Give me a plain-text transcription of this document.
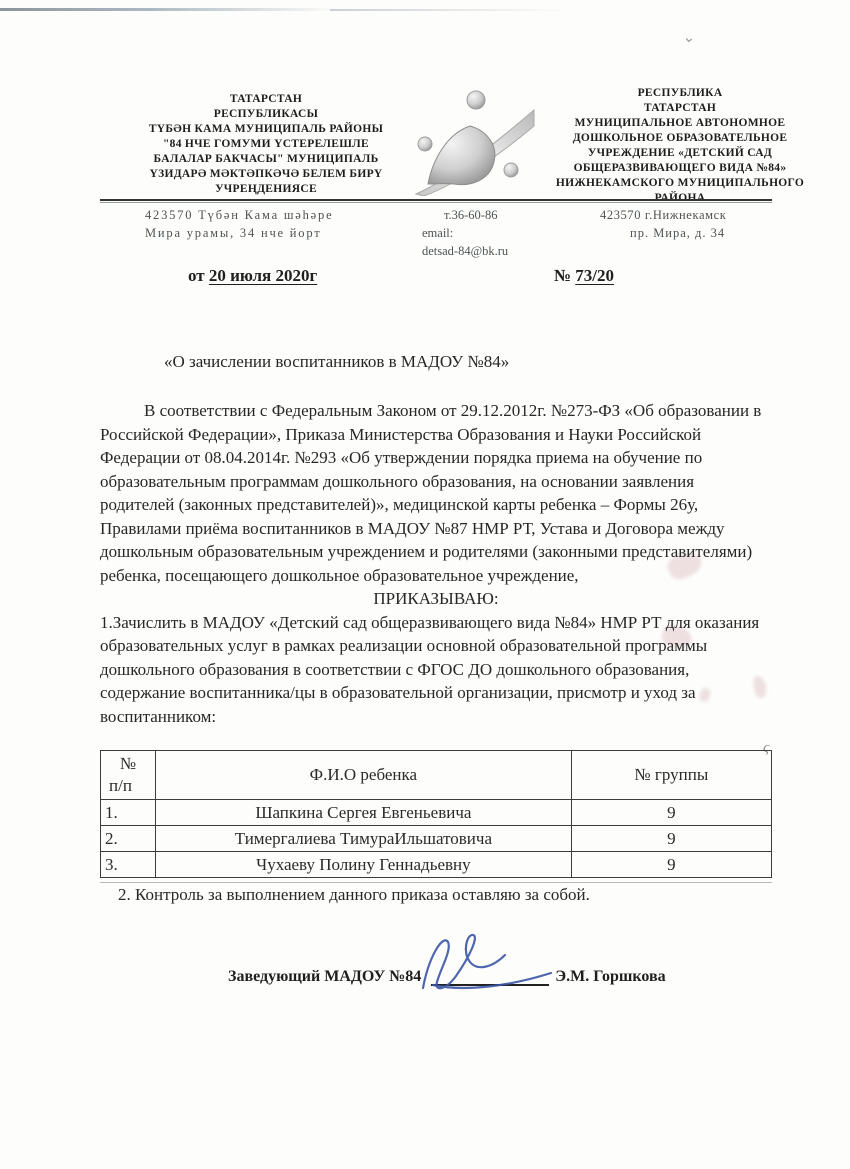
⌄
ϛ
ТАТАРСТАН
РЕСПУБЛИКАСЫ
ТҮБӘН КАМА МУНИЦИПАЛЬ РАЙОНЫ
"84 НЧЕ ГОМУМИ ҮСТЕРЕЛЕШЛЕ
БАЛАЛАР БАКЧАСЫ" МУНИЦИПАЛЬ
ҮЗИДАРӘ МӘКТӘПКӘЧӘ БЕЛЕМ БИРҮ
УЧРЕҢДЕНИЯСЕ
РЕСПУБЛИКА
ТАТАРСТАН
МУНИЦИПАЛЬНОЕ АВТОНОМНОЕ
ДОШКОЛЬНОЕ ОБРАЗОВАТЕЛЬНОЕ
УЧРЕЖДЕНИЕ «ДЕТСКИЙ САД
ОБЩЕРАЗВИВАЮЩЕГО ВИДА №84»
НИЖНЕКАМСКОГО МУНИЦИПАЛЬНОГО
РАЙОНА
423570 Түбән Кама шәһәре
Мира урамы, 34 нче йорт
т.36-60-86
email:
detsad-84@bk.ru
423570 г.Нижнекамск
пр. Мира, д. 34
от 20 июля 2020г	№ 73/20
«О зачислении воспитанников в МАДОУ №84»

В соответствии с Федеральным Законом от 29.12.2012г. №273-ФЗ «Об образовании в Российской Федерации», Приказа Министерства Образования и Науки Российской Федерации от 08.04.2014г. №293 «Об утверждении порядка приема на обучение по образовательным программам дошкольного образования, на основании заявления родителей (законных представителей)», медицинской карты ребенка – Формы 26у, Правилами приёма воспитанников в МАДОУ №87 НМР РТ, Устава и Договора между дошкольным образовательным учреждением и родителями (законными представителями) ребенка, посещающего дошкольное образовательное учреждение,

ПРИКАЗЫВАЮ:

1.Зачислить в МАДОУ «Детский сад общеразвивающего вида №84» НМР РТ для оказания образовательных услуг в рамках реализации основной образовательной программы дошкольного образования в соответствии с ФГОС ДО дошкольного образования, содержание воспитанника/цы в образовательной организации, присмотр и уход за воспитанником:

№
п/п	Ф.И.О ребенка	№ группы
1.	Шапкина Сергея Евгеньевича	9
2.	Тимергалиева ТимураИльшатовича	9
3.	Чухаеву Полину Геннадьевну	9

2. Контроль за выполнением данного приказа оставляю за собой.

Заведующий МАДОУ №84	Э.М. Горшкова
